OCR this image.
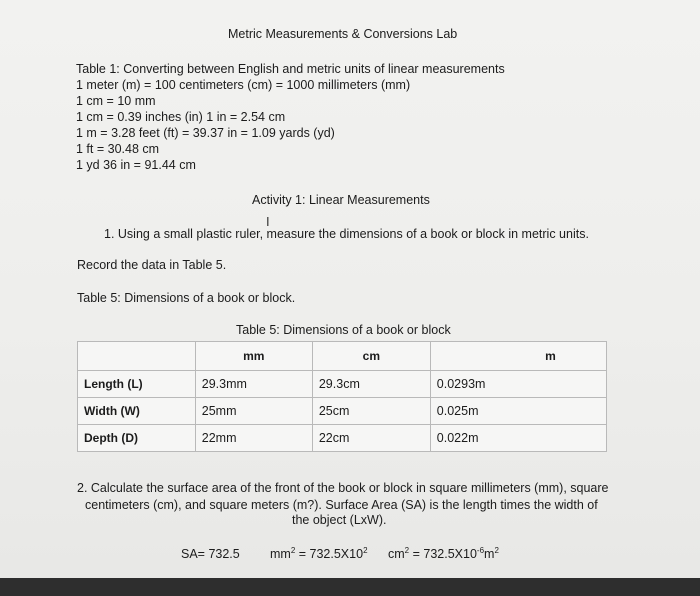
Metric Measurements & Conversions Lab
Table 1: Converting between English and metric units of linear measurements
1 meter (m) = 100 centimeters (cm) = 1000 millimeters (mm)
1 cm = 10 mm
1 cm = 0.39 inches (in) 1 in = 2.54 cm
1 m = 3.28 feet (ft) = 39.37 in = 1.09 yards (yd)
1 ft = 30.48 cm
1 yd 36 in = 91.44 cm
Activity 1: Linear Measurements
I
1. Using a small plastic ruler, measure the dimensions of a book or block in metric units.
Record the data in Table 5.
Table 5: Dimensions of a book or block.
Table 5: Dimensions of a book or block
	mm	cm	m
Length (L)	29.3mm	29.3cm	0.0293m
Width (W)	25mm	25cm	0.025m
Depth (D)	22mm	22cm	0.022m
2. Calculate the surface area of the front of the book or block in square millimeters (mm), square
centimeters (cm), and square meters (m?). Surface Area (SA) is the length times the width of
the object (LxW).
SA= 732.5 $mm^2 = 732.5X10^2$ $cm^2 = 732.5X10^{-6}m^2$
